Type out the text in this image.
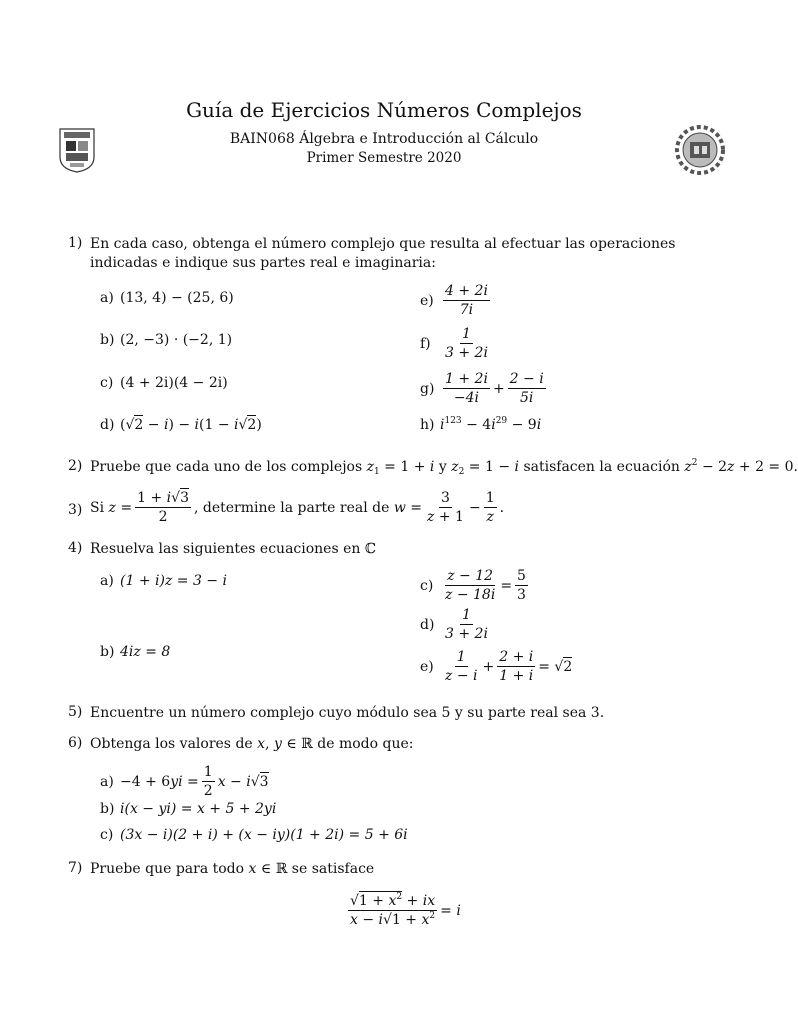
Guía de Ejercicios Números Complejos
BAIN068 Álgebra e Introducción al Cálculo
Primer Semestre 2020
1) En cada caso, obtenga el número complejo que resulta al efectuar las operaciones indicadas e indique sus partes real e imaginaria:
a) (13, 4) − (25, 6)
b) (2, −3) · (−2, 1)
c) (4 + 2i)(4 − 2i)
d) (√2 − i) − i(1 − i√2)
$e) \frac{4 + 2i}{7i}$
$f) \frac{1}{3 + 2i}$
$g) \frac{1 + 2i}{-4i} + \frac{2 - i}{5i}$
h) $i^{123} - 4i^{29} - 9i$
2) Pruebe que cada uno de los complejos $z_1 = 1 + i$ y $z_2 = 1 - i$ satisfacen la ecuación $z^2 - 2z + 2 = 0$.
3) Si
$z = \frac{1 + i√3}{2}$ , determine la parte real de
$w = \frac{3}{z + 1} - \frac{1}{z}$ .
4) Resuelva las siguientes ecuaciones en ℂ
a) (1 + i)z = 3 − i
b) 4iz = 8
$c) \frac{z - 12}{z - 18i} = \frac{5}{3}$
$d) \frac{1}{3 + 2i}$
$e) \frac{1}{z - i} + \frac{2 + i}{1 + i} = √2$
5) Encuentre un número complejo cuyo módulo sea 5 y su parte real sea 3.
6) Obtenga los valores de x, y ∈ ℝ de modo que:
$a) -4 + 6yi = \frac{1}{2}$ x − i√3
b) i(x − yi) = x + 5 + 2yi
c) (3x − i)(2 + i) + (x − iy)(1 + 2i) = 5 + 6i
7) Pruebe que para todo x ∈ ℝ se satisface
$\frac{√1 + x^2 + ix}{x - i√1 + x^2} = i$
